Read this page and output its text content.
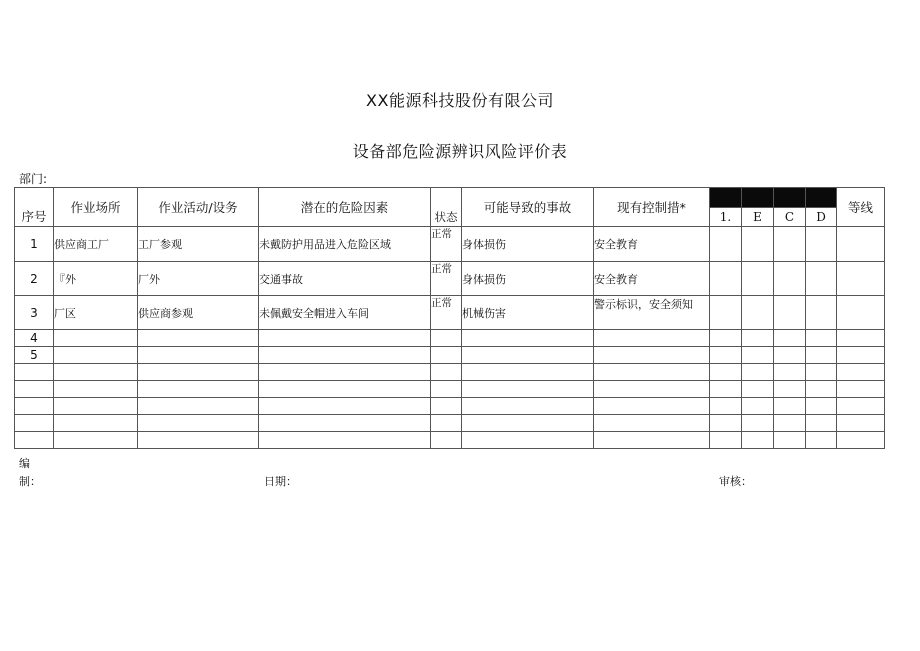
XX能源科技股份有限公司
设备部危险源辨识风险评价表
部门:
序号	作业场所	作业活动/设务	潜在的危险因素	状态	可能导致的事故	现有控制措*					等线
							1.	E	C	D	
1	供应商工厂	工厂参观	未戴防护用品进入危险区域	正常	身体损伤	安全教育					
2	『外	厂外	交通事故	正常	身体损伤	安全教育					
3	厂区	供应商参观	未佩戴安全帽进入车间	正常	机械伤害	警示标识，安全须知					
4											
5											

编
制：	日期：	审核：
